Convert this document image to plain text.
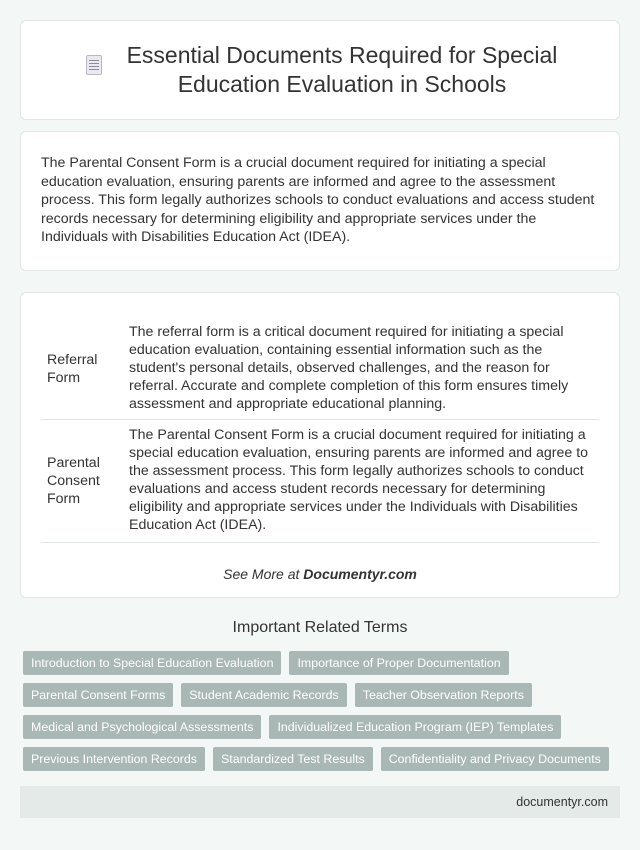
Essential Documents Required for Special
Education Evaluation in Schools

The Parental Consent Form is a crucial document required for initiating a special education evaluation, ensuring parents are informed and agree to the assessment process. This form legally authorizes schools to conduct evaluations and access student records necessary for determining eligibility and appropriate services under the Individuals with Disabilities Education Act (IDEA).

Referral Form	The referral form is a critical document required for initiating a special education evaluation, containing essential information such as the student's personal details, observed challenges, and the reason for referral. Accurate and complete completion of this form ensures timely assessment and appropriate educational planning.
Parental Consent Form	The Parental Consent Form is a crucial document required for initiating a special education evaluation, ensuring parents are informed and agree to the assessment process. This form legally authorizes schools to conduct evaluations and access student records necessary for determining eligibility and appropriate services under the Individuals with Disabilities Education Act (IDEA).

See More at Documentyr.com

Important Related Terms
Introduction to Special Education Evaluation	Importance of Proper Documentation
Parental Consent Forms	Student Academic Records	Teacher Observation Reports
Medical and Psychological Assessments	Individualized Education Program (IEP) Templates
Previous Intervention Records	Standardized Test Results	Confidentiality and Privacy Documents
documentyr.com
